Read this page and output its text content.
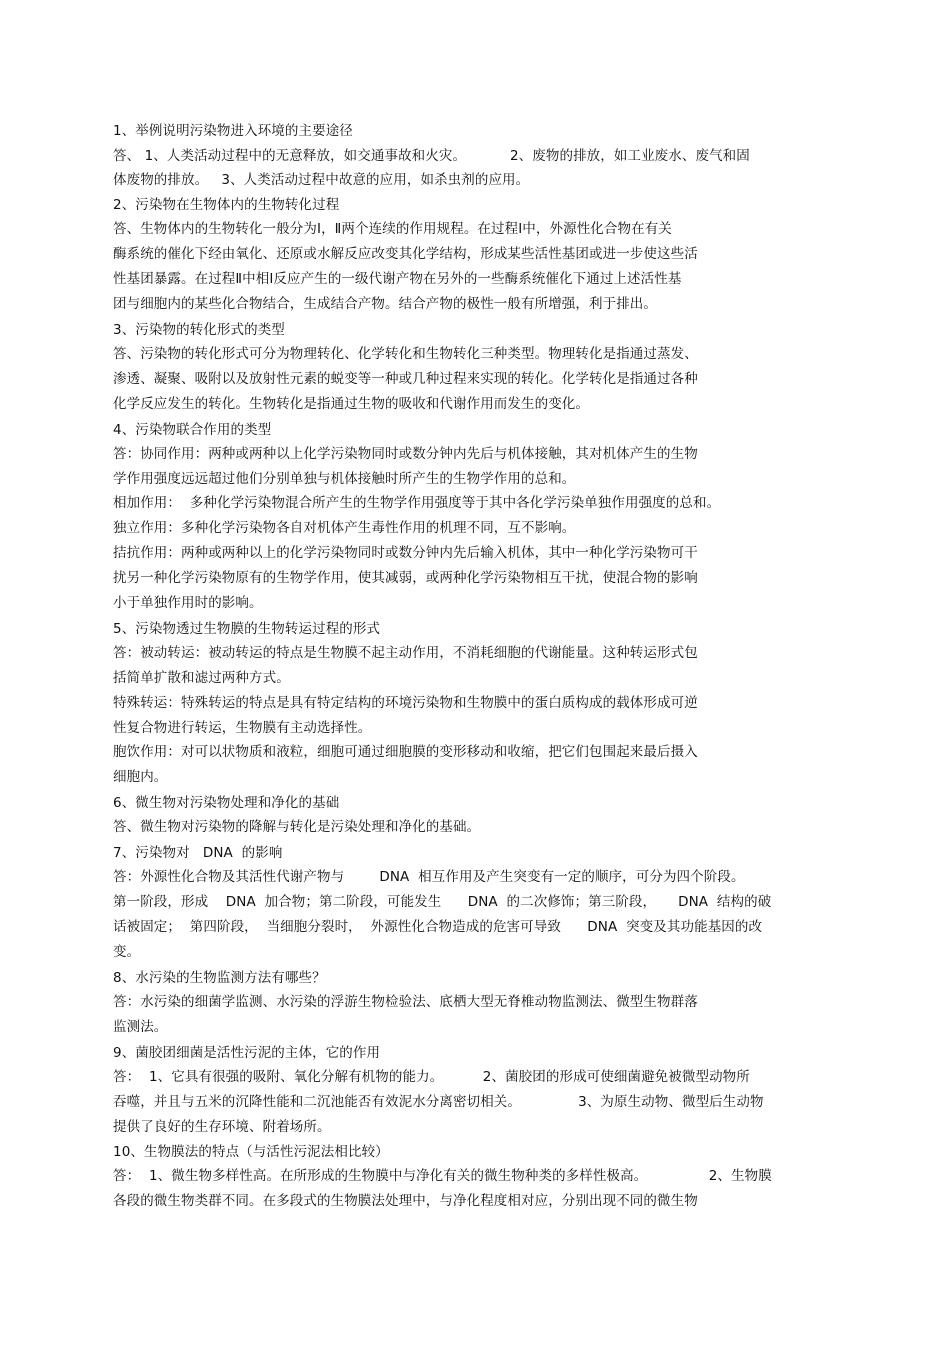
1、举例说明污染物进入环境的主要途径
答、 1、人类活动过程中的无意释放，如交通事故和火灾。          2、废物的排放，如工业废水、废气和固
体废物的排放。   3、人类活动过程中故意的应用，如杀虫剂的应用。
2、污染物在生物体内的生物转化过程
答、生物体内的生物转化一般分为Ⅰ，Ⅱ两个连续的作用规程。在过程Ⅰ中，外源性化合物在有关
酶系统的催化下经由氧化、还原或水解反应改变其化学结构，形成某些活性基团或进一步使这些活
性基团暴露。在过程Ⅱ中相Ⅰ反应产生的一级代谢产物在另外的一些酶系统催化下通过上述活性基
团与细胞内的某些化合物结合，生成结合产物。结合产物的极性一般有所增强，利于排出。
3、污染物的转化形式的类型
答、污染物的转化形式可分为物理转化、化学转化和生物转化三种类型。物理转化是指通过蒸发、
渗透、凝聚、吸附以及放射性元素的蜕变等一种或几种过程来实现的转化。化学转化是指通过各种
化学反应发生的转化。生物转化是指通过生物的吸收和代谢作用而发生的变化。
4、污染物联合作用的类型
答：协同作用：两种或两种以上化学污染物同时或数分钟内先后与机体接触，其对机体产生的生物
学作用强度远远超过他们分别单独与机体接触时所产生的生物学作用的总和。
相加作用：  多种化学污染物混合所产生的生物学作用强度等于其中各化学污染单独作用强度的总和。
独立作用：多种化学污染物各自对机体产生毒性作用的机理不同，互不影响。
拮抗作用：两种或两种以上的化学污染物同时或数分钟内先后输入机体，其中一种化学污染物可干
扰另一种化学污染物原有的生物学作用，使其减弱，或两种化学污染物相互干扰，使混合物的影响
小于单独作用时的影响。
5、污染物透过生物膜的生物转运过程的形式
答：被动转运：被动转运的特点是生物膜不起主动作用，不消耗细胞的代谢能量。这种转运形式包
括简单扩散和滤过两种方式。
特殊转运：特殊转运的特点是具有特定结构的环境污染物和生物膜中的蛋白质构成的载体形成可逆
性复合物进行转运，生物膜有主动选择性。
胞饮作用：对可以状物质和液粒，细胞可通过细胞膜的变形移动和收缩，把它们包围起来最后摄入
细胞内。
6、微生物对污染物处理和净化的基础
答、微生物对污染物的降解与转化是污染处理和净化的基础。
7、污染物对   DNA  的影响
答：外源性化合物及其活性代谢产物与        DNA  相互作用及产生突变有一定的顺序，可分为四个阶段。
第一阶段，形成    DNA  加合物；第二阶段，可能发生      DNA  的二次修饰；第三阶段，     DNA  结构的破
话被固定；  第四阶段，  当细胞分裂时，  外源性化合物造成的危害可导致      DNA  突变及其功能基因的改
变。
8、水污染的生物监测方法有哪些？
答：水污染的细菌学监测、水污染的浮游生物检验法、底栖大型无脊椎动物监测法、微型生物群落
监测法。
9、菌胶团细菌是活性污泥的主体，它的作用
答：  1、它具有很强的吸附、氧化分解有机物的能力。         2、菌胶团的形成可使细菌避免被微型动物所
吞噬，并且与五米的沉降性能和二沉池能否有效泥水分离密切相关。             3、为原生动物、微型后生动物
提供了良好的生存环境、附着场所。
10、生物膜法的特点（与活性污泥法相比较）
答：  1、微生物多样性高。在所形成的生物膜中与净化有关的微生物种类的多样性极高。              2、生物膜
各段的微生物类群不同。在多段式的生物膜法处理中，与净化程度相对应，分别出现不同的微生物
